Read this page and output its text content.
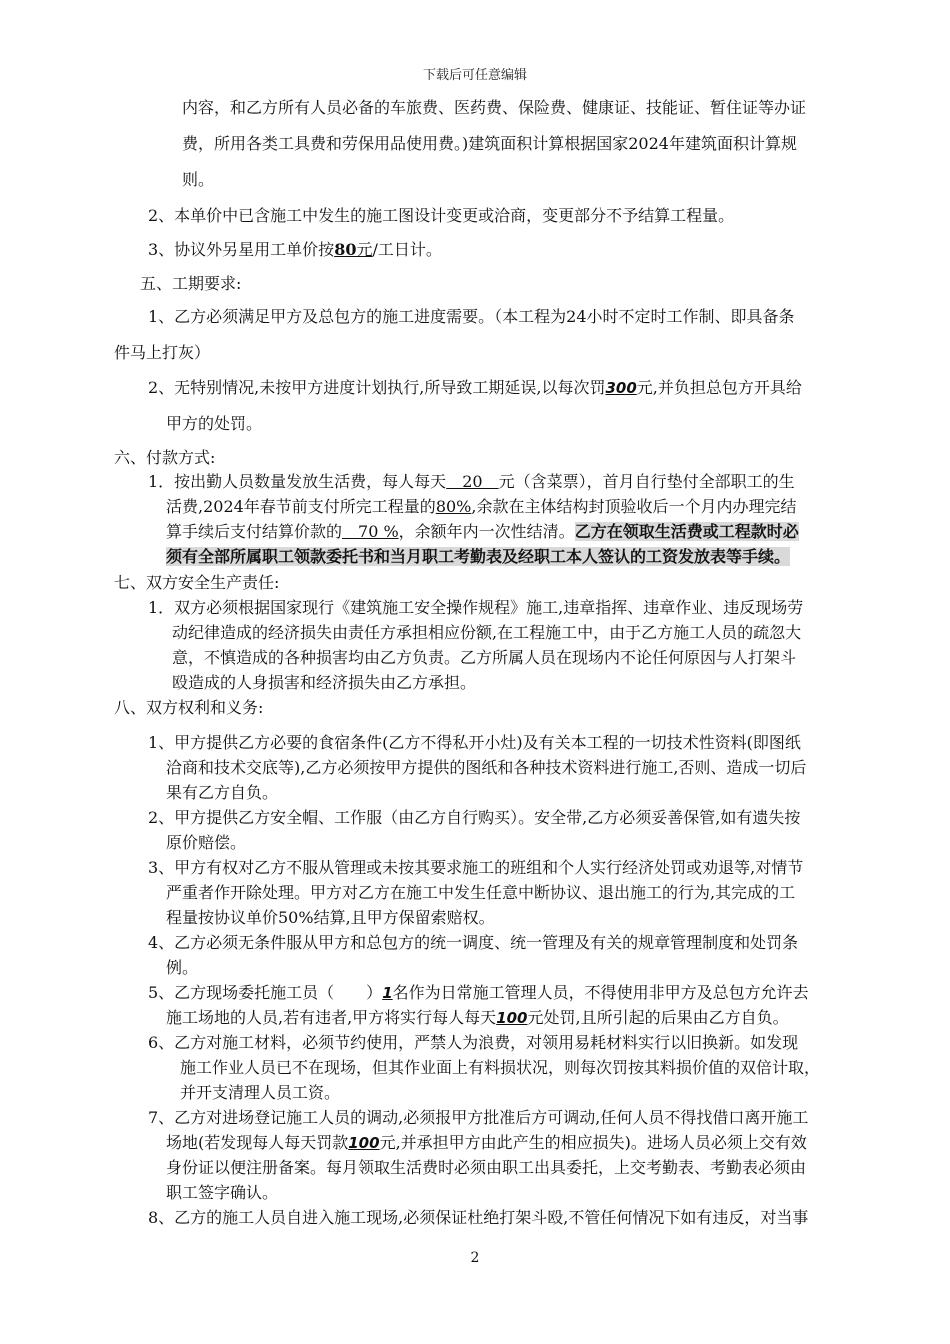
下载后可任意编辑
内容，和乙方所有人员必备的车旅费、医药费、保险费、健康证、技能证、暂住证等办证
费，所用各类工具费和劳保用品使用费。)建筑面积计算根据国家2024年建筑面积计算规
则。
2、本单价中已含施工中发生的施工图设计变更或洽商，变更部分不予结算工程量。
3、协议外另星用工单价按80元/工日计。
五、工期要求:
1、乙方必须满足甲方及总包方的施工进度需要。（本工程为24小时不定时工作制、即具备条
件马上打灰）
2、无特别情况,未按甲方进度计划执行,所导致工期延误,以每次罚300元,并负担总包方开具给
甲方的处罚。
六、付款方式:
1．按出勤人员数量发放生活费，每人每天　20　元（含菜票），首月自行垫付全部职工的生
活费,2024年春节前支付所完工程量的80%,余款在主体结构封顶验收后一个月内办理完结
算手续后支付结算价款的　70 %，余额年内一次性结清。乙方在领取生活费或工程款时必
须有全部所属职工领款委托书和当月职工考勤表及经职工本人签认的工资发放表等手续。
七、双方安全生产责任:
1．双方必须根据国家现行《建筑施工安全操作规程》施工,违章指挥、违章作业、违反现场劳
动纪律造成的经济损失由责任方承担相应份额,在工程施工中，由于乙方施工人员的疏忽大
意，不慎造成的各种损害均由乙方负责。乙方所属人员在现场内不论任何原因与人打架斗
殴造成的人身损害和经济损失由乙方承担。
八、双方权利和义务:
1、甲方提供乙方必要的食宿条件(乙方不得私开小灶)及有关本工程的一切技术性资料(即图纸
洽商和技术交底等),乙方必须按甲方提供的图纸和各种技术资料进行施工,否则、造成一切后
果有乙方自负。
2、甲方提供乙方安全帽、工作服（由乙方自行购买）。安全带,乙方必须妥善保管,如有遗失按
原价赔偿。
3、甲方有权对乙方不服从管理或未按其要求施工的班组和个人实行经济处罚或劝退等,对情节
严重者作开除处理。甲方对乙方在施工中发生任意中断协议、退出施工的行为,其完成的工
程量按协议单价50%结算,且甲方保留索赔权。
4、乙方必须无条件服从甲方和总包方的统一调度、统一管理及有关的规章管理制度和处罚条
例。
5、乙方现场委托施工员（　　）1名作为日常施工管理人员，不得使用非甲方及总包方允许去
施工场地的人员,若有违者,甲方将实行每人每天100元处罚,且所引起的后果由乙方自负。
6、乙方对施工材料，必须节约使用，严禁人为浪费，对领用易耗材料实行以旧换新。如发现
施工作业人员已不在现场，但其作业面上有料损状况，则每次罚按其料损价值的双倍计取，
并开支清理人员工资。
7、乙方对进场登记施工人员的调动,必须报甲方批准后方可调动,任何人员不得找借口离开施工
场地(若发现每人每天罚款100元,并承担甲方由此产生的相应损失)。进场人员必须上交有效
身份证以便注册备案。每月领取生活费时必须由职工出具委托，上交考勤表、考勤表必须由
职工签字确认。
8、乙方的施工人员自进入施工现场,必须保证杜绝打架斗殴,不管任何情况下如有违反，对当事
2
